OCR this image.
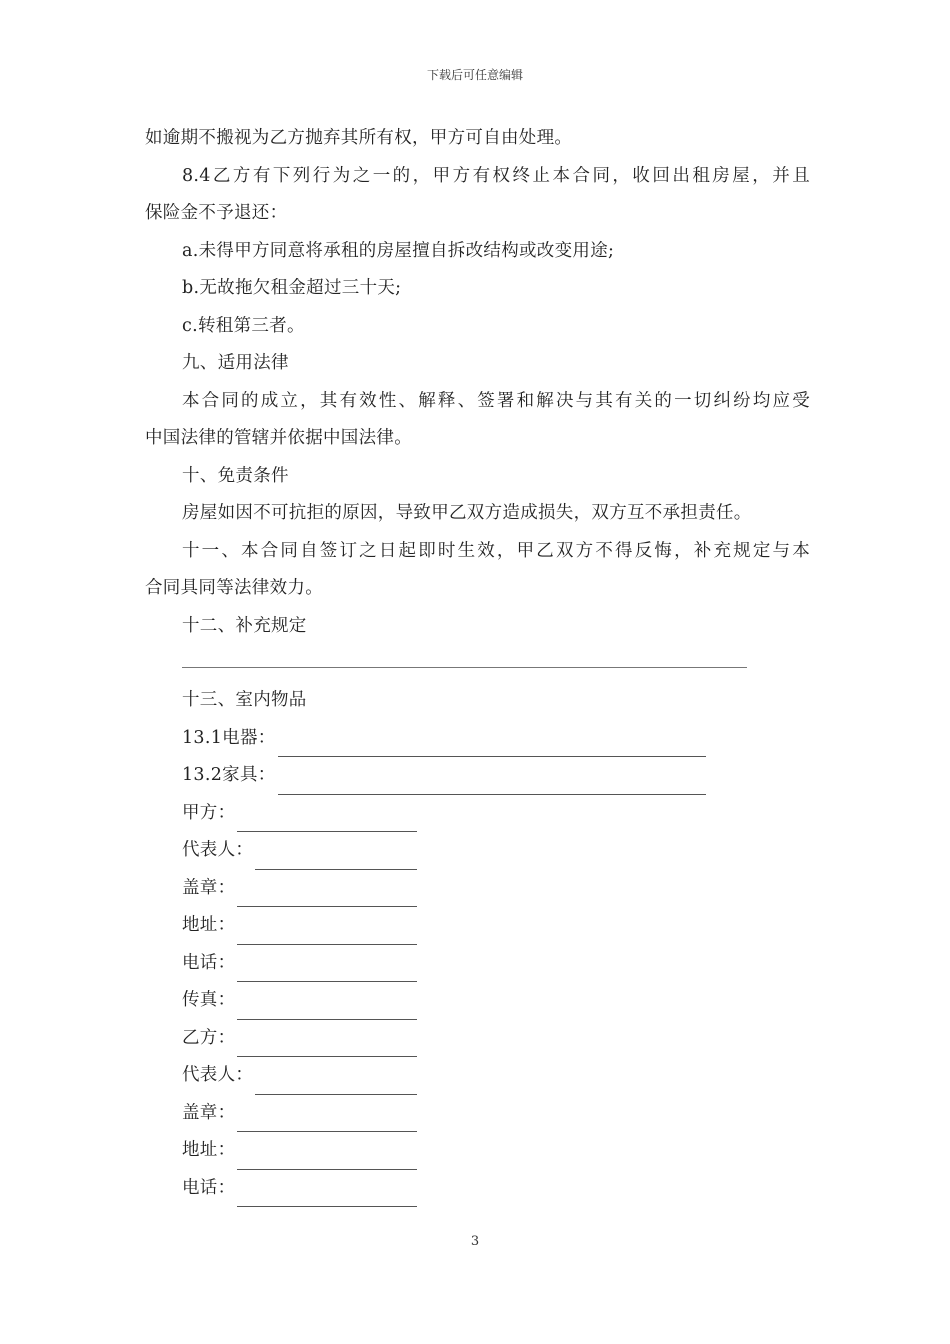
下载后可任意编辑

如逾期不搬视为乙方抛弃其所有权，甲方可自由处理。

8.4乙方有下列行为之一的，甲方有权终止本合同，收回出租房屋，并且

保险金不予退还：

a.未得甲方同意将承租的房屋擅自拆改结构或改变用途;

b.无故拖欠租金超过三十天;

c.转租第三者。

九、适用法律

本合同的成立，其有效性、解释、签署和解决与其有关的一切纠纷均应受

中国法律的管辖并依据中国法律。

十、免责条件

房屋如因不可抗拒的原因，导致甲乙双方造成损失，双方互不承担责任。

十一、本合同自签订之日起即时生效，甲乙双方不得反悔，补充规定与本

合同具同等法律效力。

十二、补充规定

十三、室内物品

13.1电器：
13.2家具：
甲方：
代表人：
盖章：
地址：
电话：
传真：
乙方：
代表人：
盖章：
地址：
电话：
3
